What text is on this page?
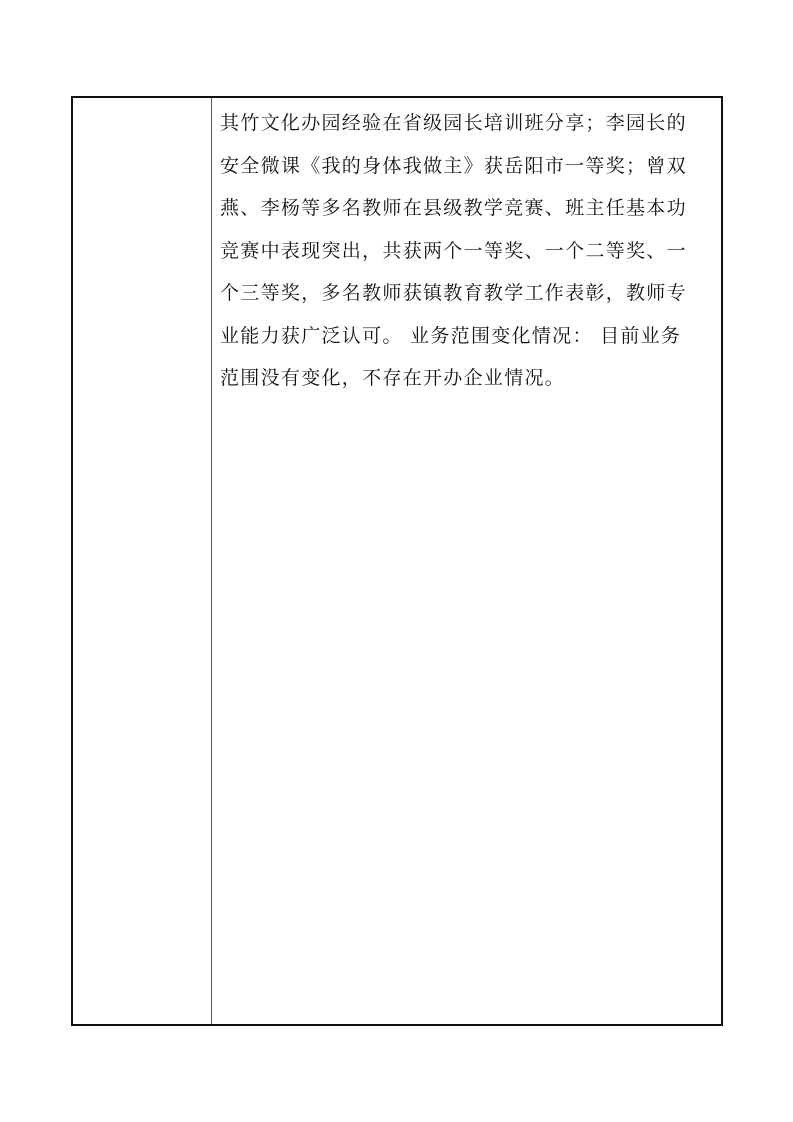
其竹文化办园经验在省级园长培训班分享；李园长的
安全微课《我的身体我做主》获岳阳市一等奖；曾双
燕、李杨等多名教师在县级教学竞赛、班主任基本功
竞赛中表现突出，共获两个一等奖、一个二等奖、一
个三等奖，多名教师获镇教育教学工作表彰，教师专
业能力获广泛认可。 业务范围变化情况： 目前业务
范围没有变化，不存在开办企业情况。
